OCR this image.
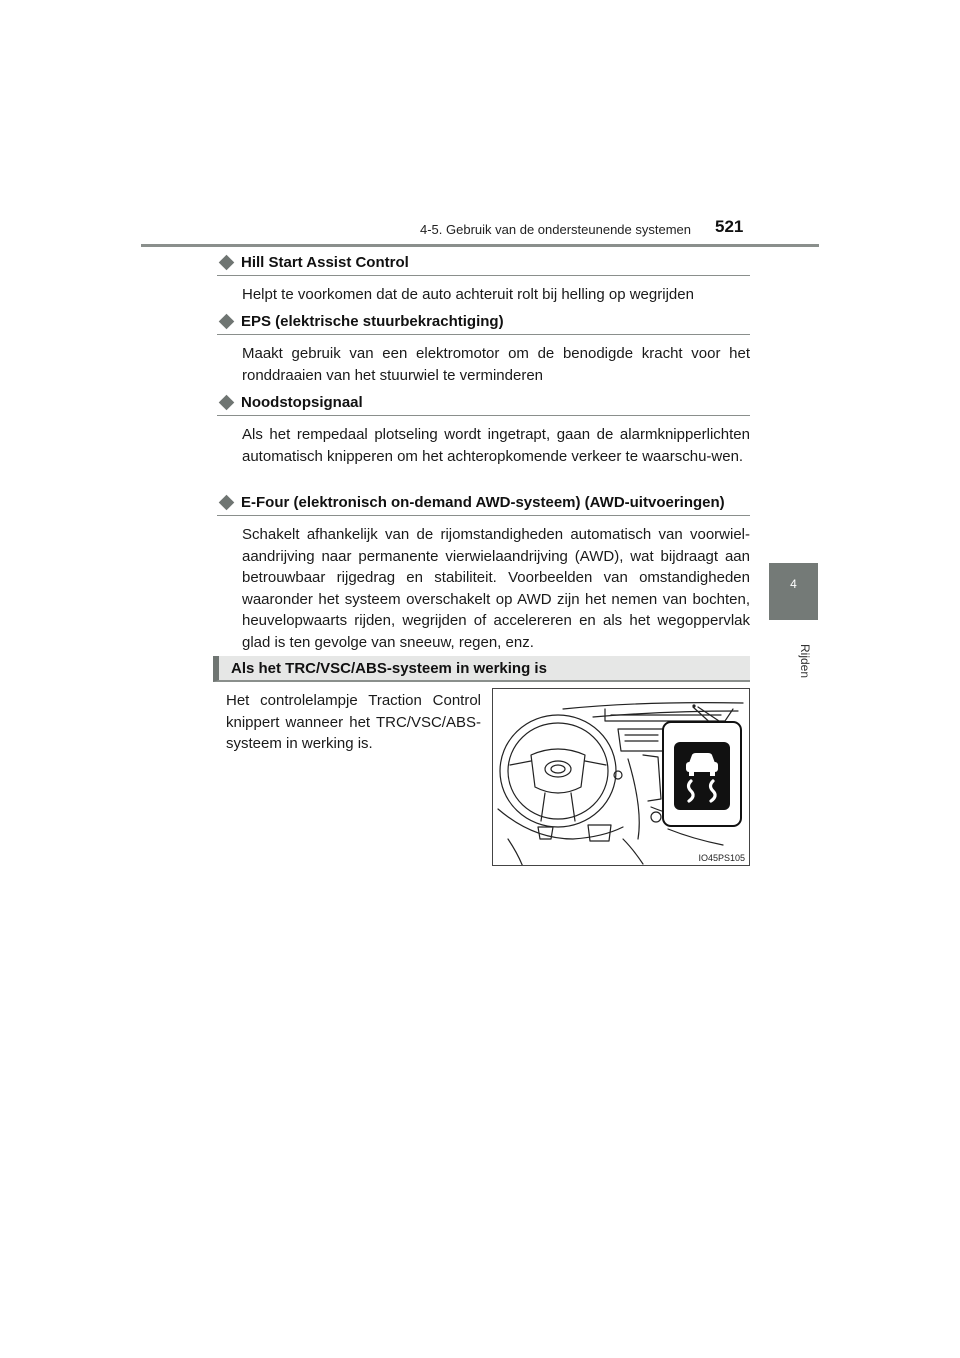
4-5. Gebruik van de ondersteunende systemen	521
4
Rijden
Hill Start Assist Control
Helpt te voorkomen dat de auto achteruit rolt bij helling op wegrijden
EPS (elektrische stuurbekrachtiging)
Maakt gebruik van een elektromotor om de benodigde kracht voor het ronddraaien van het stuurwiel te verminderen
Noodstopsignaal
Als het rempedaal plotseling wordt ingetrapt, gaan de alarmknipperlichten automatisch knipperen om het achteropkomende verkeer te waarschu-wen.
E-Four (elektronisch on-demand AWD-systeem) (AWD-uitvoeringen)
Schakelt afhankelijk van de rijomstandigheden automatisch van voorwiel-aandrijving naar permanente vierwielaandrijving (AWD), wat bijdraagt aan betrouwbaar rijgedrag en stabiliteit. Voorbeelden van omstandigheden waaronder het systeem overschakelt op AWD zijn het nemen van bochten, heuvelopwaarts rijden, wegrijden of accelereren en als het wegoppervlak glad is ten gevolge van sneeuw, regen, enz.
Als het TRC/VSC/ABS-systeem in werking is
Het controlelampje Traction Control knippert wanneer het TRC/VSC/ABS-systeem in werking is.
IO45PS105
